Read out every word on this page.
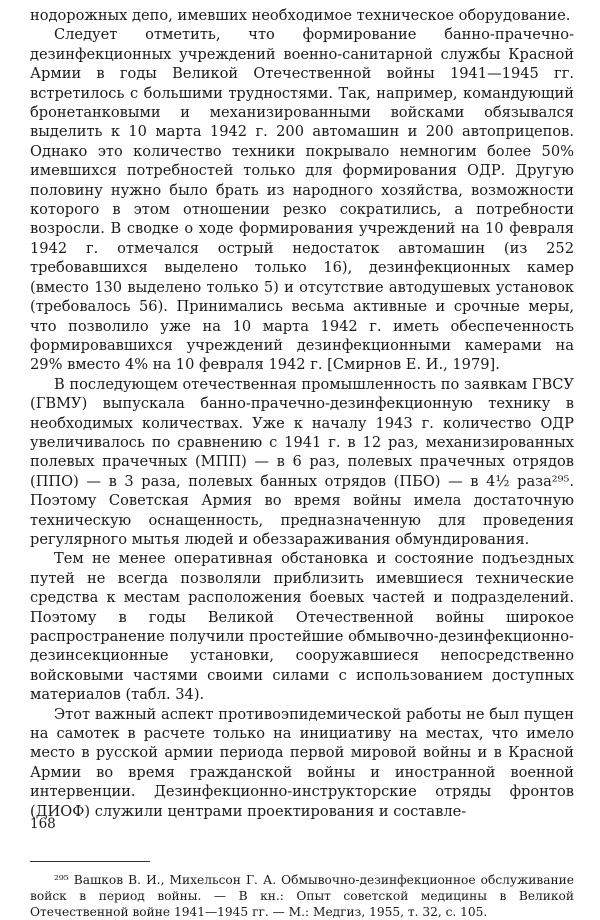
нодорожных депо, имевших необходимое техническое оборудование.

Следует отметить, что формирование банно-прачечно-дезинфекционных учреждений военно-санитарной службы Красной Армии в годы Великой Отечественной войны 1941—1945 гг. встретилось с большими трудностями. Так, например, командующий бронетанковыми и механизированными войсками обязывался выделить к 10 марта 1942 г. 200 автомашин и 200 автоприцепов. Однако это количество техники покрывало немногим более 50% имевшихся потребностей только для формирования ОДР. Другую половину нужно было брать из народного хозяйства, возможности которого в этом отношении резко сократились, а потребности возросли. В сводке о ходе формирования учреждений на 10 февраля 1942 г. отмечался острый недостаток автомашин (из 252 требовавшихся выделено только 16), дезинфекционных камер (вместо 130 выделено только 5) и отсутствие автодушевых установок (требовалось 56). Принимались весьма активные и срочные меры, что позволило уже на 10 марта 1942 г. иметь обеспеченность формировавшихся учреждений дезинфекционными камерами на 29% вместо 4% на 10 февраля 1942 г. [Смирнов Е. И., 1979].

В последующем отечественная промышленность по заявкам ГВСУ (ГВМУ) выпускала банно-прачечно-дезинфекционную технику в необходимых количествах. Уже к началу 1943 г. количество ОДР увеличивалось по сравнению с 1941 г. в 12 раз, механизированных полевых прачечных (МПП) — в 6 раз, полевых прачечных отрядов (ППО) — в 3 раза, полевых банных отрядов (ПБО) — в 4½ раза²⁹⁵. Поэтому Советская Армия во время войны имела достаточную техническую оснащенность, предназначенную для проведения регулярного мытья людей и обеззараживания обмундирования.

Тем не менее оперативная обстановка и состояние подъездных путей не всегда позволяли приблизить имевшиеся технические средства к местам расположения боевых частей и подразделений. Поэтому в годы Великой Отечественной войны широкое распространение получили простейшие обмывочно-дезинфекционно-дезинсекционные установки, сооружавшиеся непосредственно войсковыми частями своими силами с использованием доступных материалов (табл. 34).

Этот важный аспект противоэпидемической работы не был пущен на самотек в расчете только на инициативу на местах, что имело место в русской армии периода первой мировой войны и в Красной Армии во время гражданской войны и иностранной военной интервенции. Дезинфекционно-инструкторские отряды фронтов (ДИОФ) служили центрами проектирования и составле-

²⁹⁵ Вашков В. И., Михельсон Г. А. Обмывочно-дезинфекционное обслуживание войск в период войны. — В кн.: Опыт советской медицины в Великой Отечественной войне 1941—1945 гг. — М.: Медгиз, 1955, т. 32, с. 105.

168
